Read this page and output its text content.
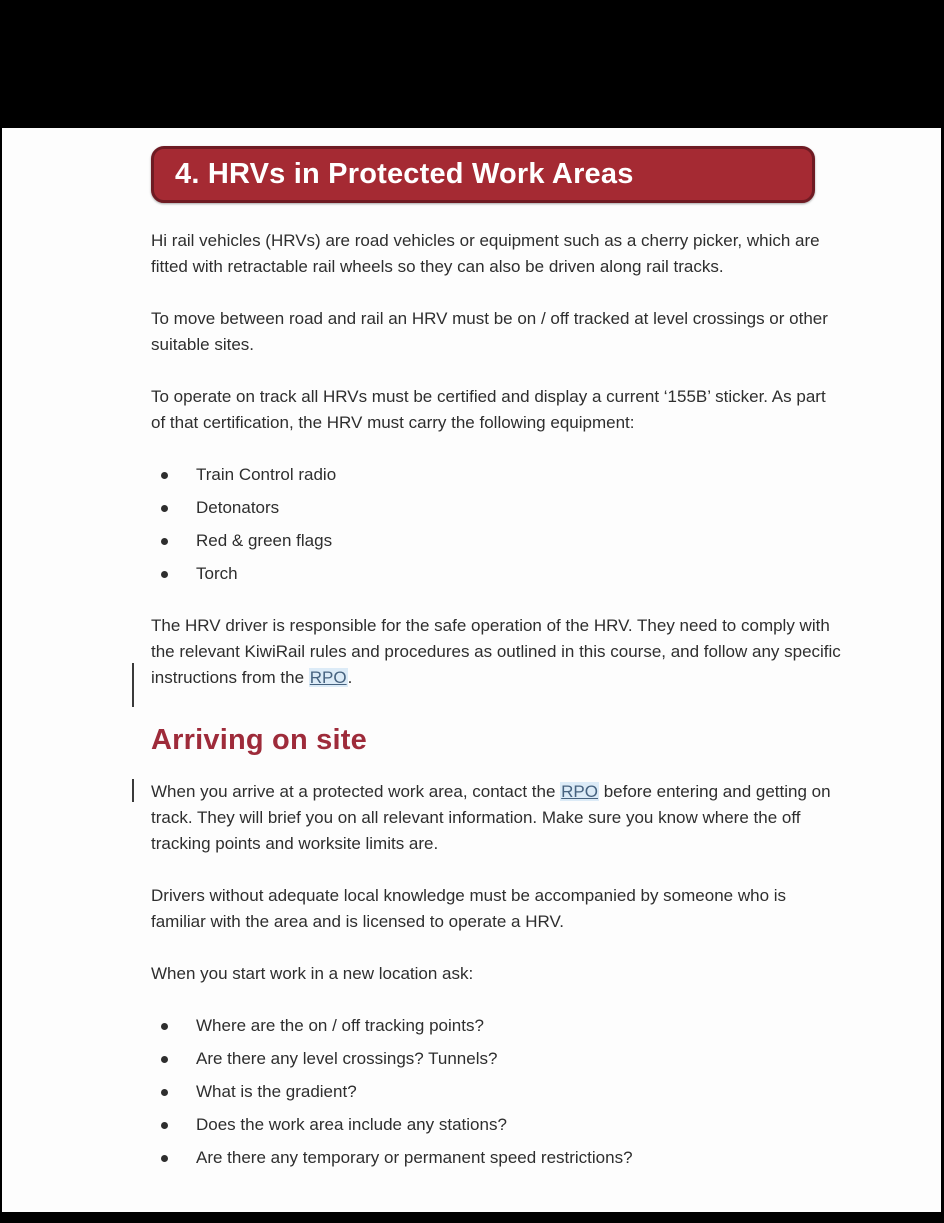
4. HRVs in Protected Work Areas

Hi rail vehicles (HRVs) are road vehicles or equipment such as a cherry picker, which are fitted with retractable rail wheels so they can also be driven along rail tracks.

To move between road and rail an HRV must be on / off tracked at level crossings or other suitable sites.

To operate on track all HRVs must be certified and display a current ‘155B’ sticker. As part of that certification, the HRV must carry the following equipment:

Train Control radio
Detonators
Red & green flags
Torch

The HRV driver is responsible for the safe operation of the HRV. They need to comply with the relevant KiwiRail rules and procedures as outlined in this course, and follow any specific instructions from the RPO.

Arriving on site

When you arrive at a protected work area, contact the RPO before entering and getting on track. They will brief you on all relevant information. Make sure you know where the off tracking points and worksite limits are.

Drivers without adequate local knowledge must be accompanied by someone who is familiar with the area and is licensed to operate a HRV.

When you start work in a new location ask:

Where are the on / off tracking points?
Are there any level crossings? Tunnels?
What is the gradient?
Does the work area include any stations?
Are there any temporary or permanent speed restrictions?
